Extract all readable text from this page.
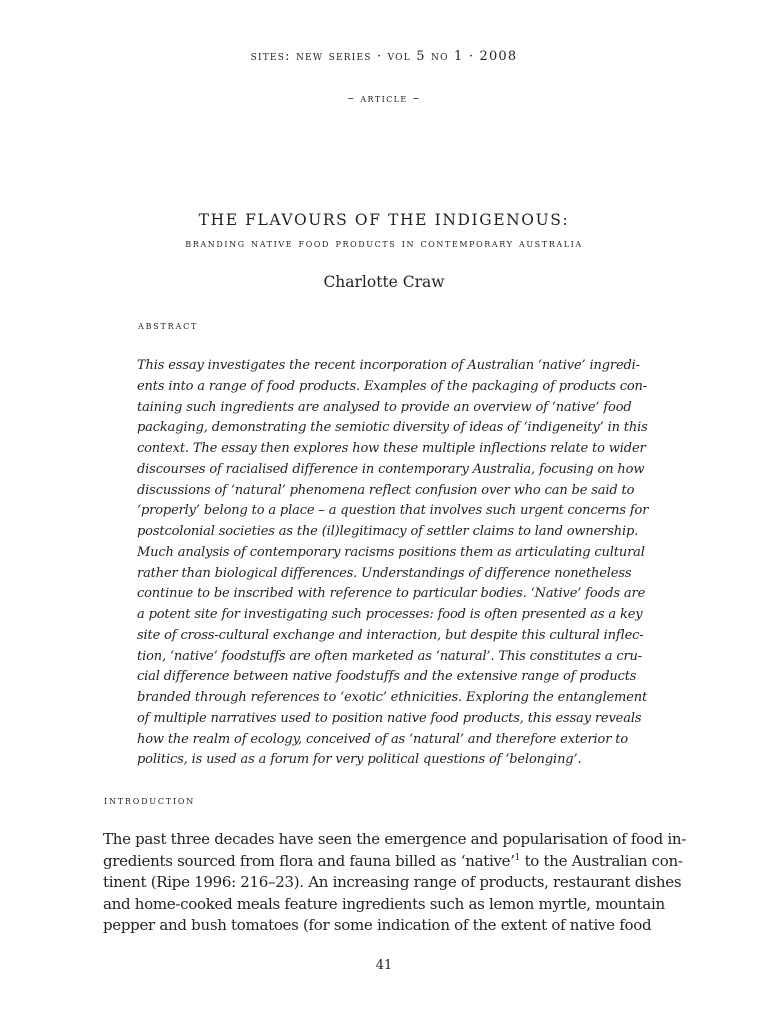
sites: new series · vol 5 no 1 · 2008
– article –
THE FLAVOURS OF THE INDIGENOUS:
branding native food products in contemporary australia
Charlotte Craw
abstract
This essay investigates the recent incorporation of Australian ‘native’ ingredi-
ents into a range of food products. Examples of the packaging of products con-
taining such ingredients are analysed to provide an overview of ‘native’ food
packaging, demonstrating the semiotic diversity of ideas of ‘indigeneity’ in this
context. The essay then explores how these multiple inflections relate to wider
discourses of racialised difference in contemporary Australia, focusing on how
discussions of ‘natural’ phenomena reflect confusion over who can be said to
‘properly’ belong to a place – a question that involves such urgent concerns for
postcolonial societies as the (il)legitimacy of settler claims to land ownership.
Much analysis of contemporary racisms positions them as articulating cultural
rather than biological differences. Understandings of difference nonetheless
continue to be inscribed with reference to particular bodies. ‘Native’ foods are
a potent site for investigating such processes: food is often presented as a key
site of cross-cultural exchange and interaction, but despite this cultural inflec-
tion, ‘native’ foodstuffs are often marketed as ‘natural’. This constitutes a cru-
cial difference between native foodstuffs and the extensive range of products
branded through references to ‘exotic’ ethnicities. Exploring the entanglement
of multiple narratives used to position native food products, this essay reveals
how the realm of ecology, conceived of as ‘natural’ and therefore exterior to
politics, is used as a forum for very political questions of ‘belonging’.
introduction
The past three decades have seen the emergence and popularisation of food in-
gredients sourced from flora and fauna billed as ‘native’$^1$ to the Australian con-
tinent (Ripe 1996: 216–23). An increasing range of products, restaurant dishes
and home-cooked meals feature ingredients such as lemon myrtle, mountain
pepper and bush tomatoes (for some indication of the extent of native food
41
